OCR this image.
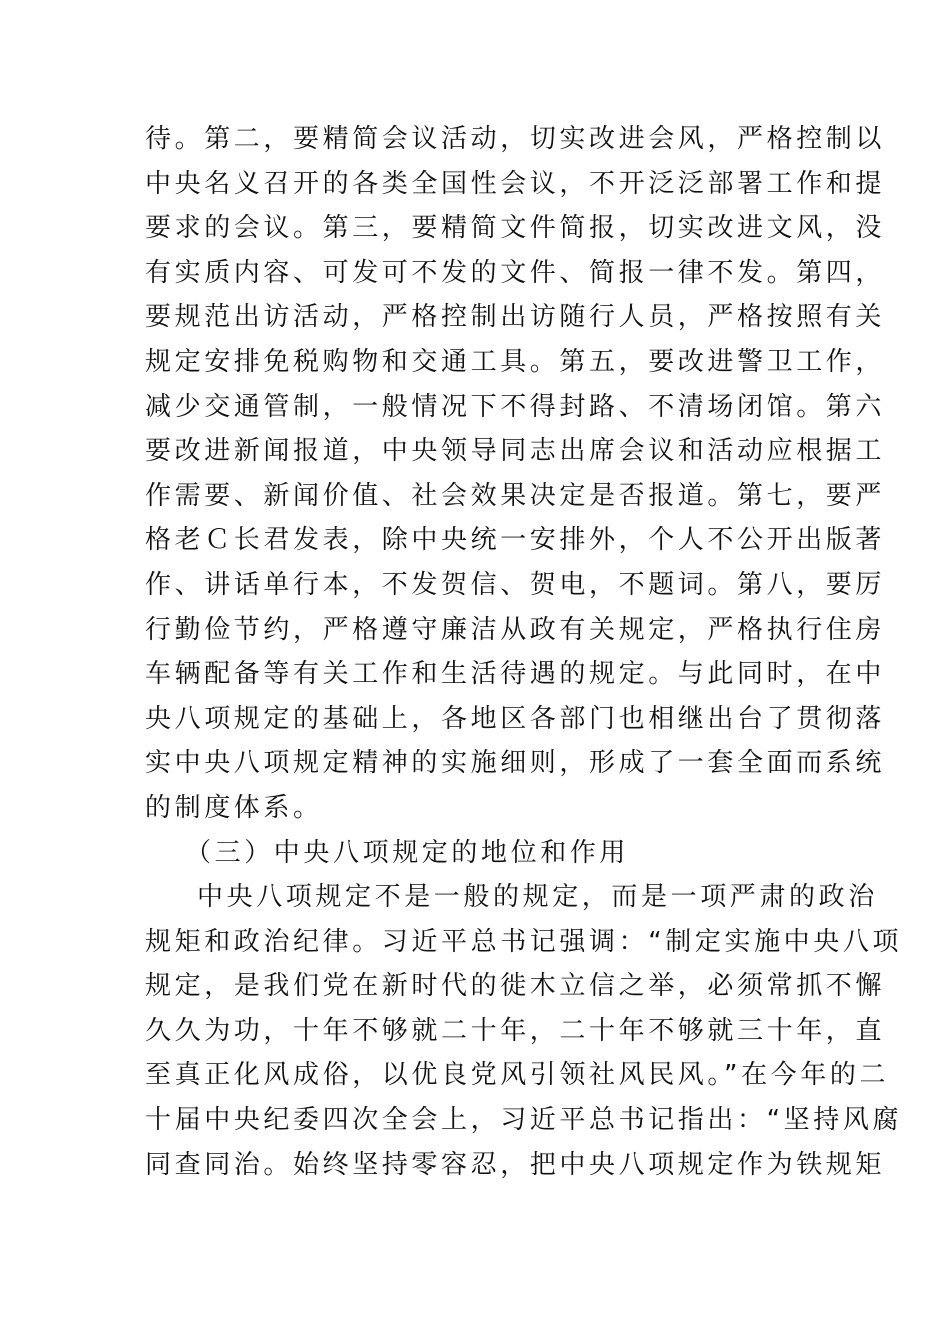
待。第二，要精简会议活动，切实改进会风，严格控制以
中央名义召开的各类全国性会议，不开泛泛部署工作和提
要求的会议。第三，要精简文件简报，切实改进文风，没
有实质内容、可发可不发的文件、简报一律不发。第四，
要规范出访活动，严格控制出访随行人员，严格按照有关
规定安排免税购物和交通工具。第五，要改进警卫工作，
减少交通管制，一般情况下不得封路、不清场闭馆。第六
要改进新闻报道，中央领导同志出席会议和活动应根据工
作需要、新闻价值、社会效果决定是否报道。第七，要严
格老Ｃ长君发表，除中央统一安排外，个人不公开出版著
作、讲话单行本，不发贺信、贺电，不题词。第八，要厉
行勤俭节约，严格遵守廉洁从政有关规定，严格执行住房
车辆配备等有关工作和生活待遇的规定。与此同时，在中
央八项规定的基础上，各地区各部门也相继出台了贯彻落
实中央八项规定精神的实施细则，形成了一套全面而系统
的制度体系。
（三）中央八项规定的地位和作用
中央八项规定不是一般的规定，而是一项严肃的政治
规矩和政治纪律。习近平总书记强调：“制定实施中央八项
规定，是我们党在新时代的徙木立信之举，必须常抓不懈
久久为功，十年不够就二十年，二十年不够就三十年，直
至真正化风成俗，以优良党风引领社风民风。”在今年的二
十届中央纪委四次全会上，习近平总书记指出：“坚持风腐
同查同治。始终坚持零容忍，把中央八项规定作为铁规矩
